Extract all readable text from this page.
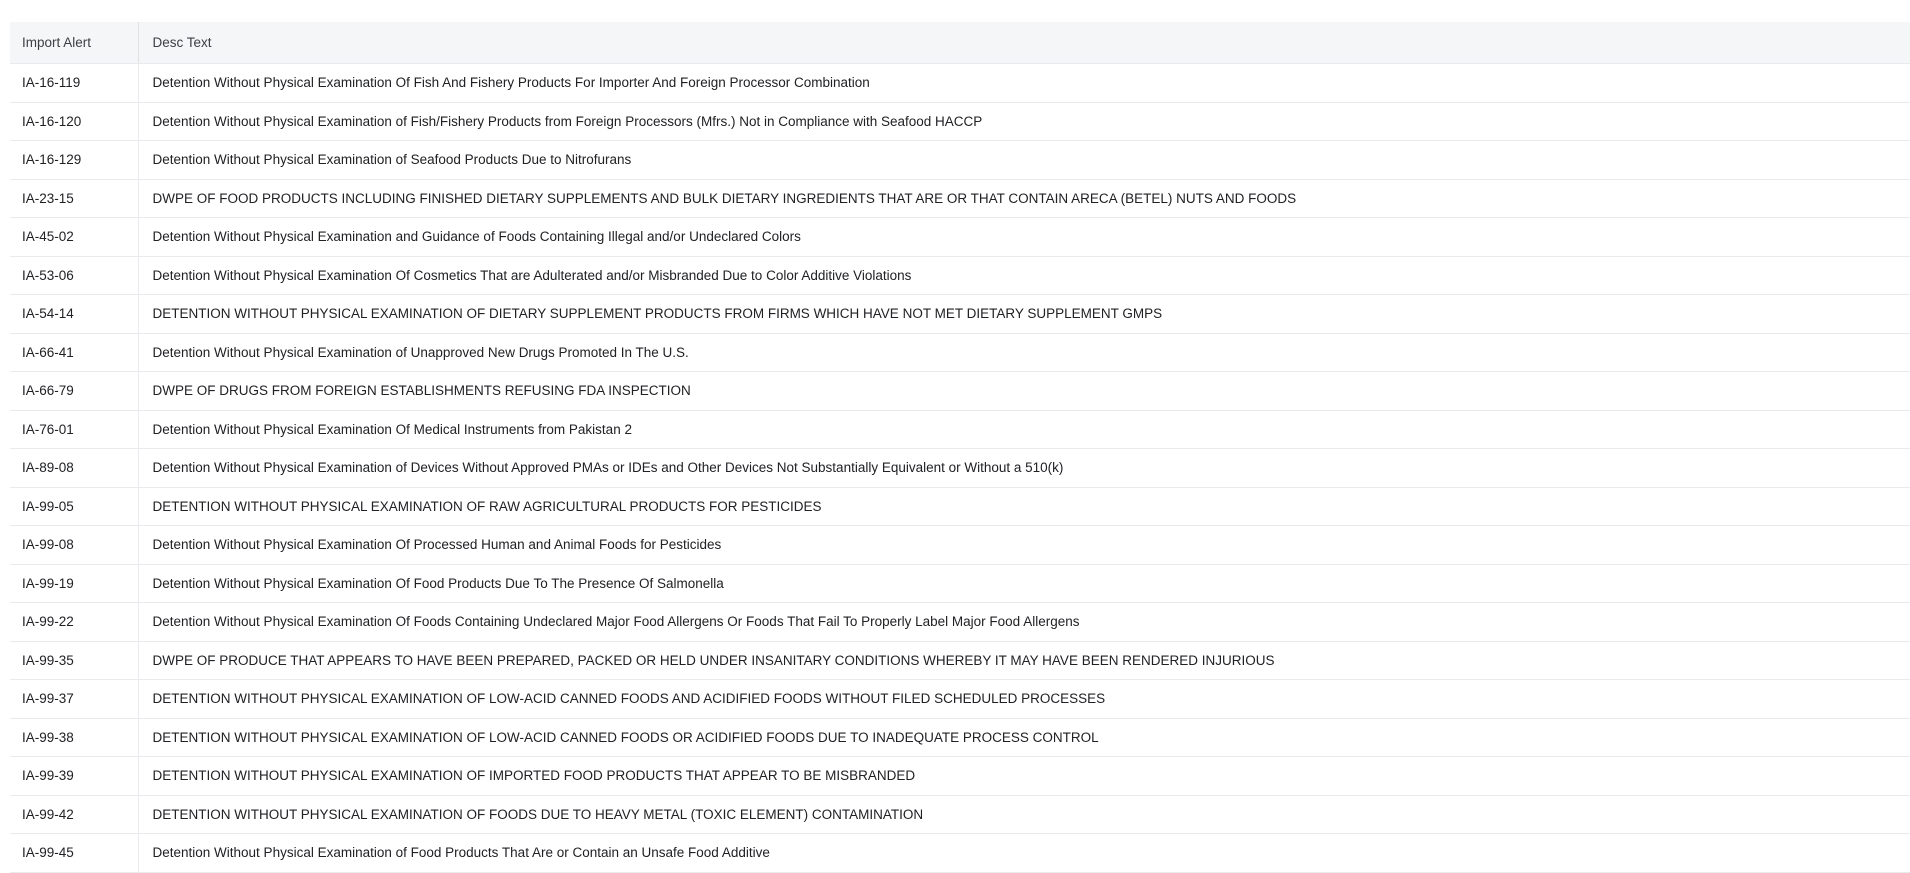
Import Alert	Desc Text
IA-16-119	Detention Without Physical Examination Of Fish And Fishery Products For Importer And Foreign Processor Combination
IA-16-120	Detention Without Physical Examination of Fish/Fishery Products from Foreign Processors (Mfrs.) Not in Compliance with Seafood HACCP
IA-16-129	Detention Without Physical Examination of Seafood Products Due to Nitrofurans
IA-23-15	DWPE OF FOOD PRODUCTS INCLUDING FINISHED DIETARY SUPPLEMENTS AND BULK DIETARY INGREDIENTS THAT ARE OR THAT CONTAIN ARECA (BETEL) NUTS AND FOODS
IA-45-02	Detention Without Physical Examination and Guidance of Foods Containing Illegal and/or Undeclared Colors
IA-53-06	Detention Without Physical Examination Of Cosmetics That are Adulterated and/or Misbranded Due to Color Additive Violations
IA-54-14	DETENTION WITHOUT PHYSICAL EXAMINATION OF DIETARY SUPPLEMENT PRODUCTS FROM FIRMS WHICH HAVE NOT MET DIETARY SUPPLEMENT GMPS
IA-66-41	Detention Without Physical Examination of Unapproved New Drugs Promoted In The U.S.
IA-66-79	DWPE OF DRUGS FROM FOREIGN ESTABLISHMENTS REFUSING FDA INSPECTION
IA-76-01	Detention Without Physical Examination Of Medical Instruments from Pakistan 2
IA-89-08	Detention Without Physical Examination of Devices Without Approved PMAs or IDEs and Other Devices Not Substantially Equivalent or Without a 510(k)
IA-99-05	DETENTION WITHOUT PHYSICAL EXAMINATION OF RAW AGRICULTURAL PRODUCTS FOR PESTICIDES
IA-99-08	Detention Without Physical Examination Of Processed Human and Animal Foods for Pesticides
IA-99-19	Detention Without Physical Examination Of Food Products Due To The Presence Of Salmonella
IA-99-22	Detention Without Physical Examination Of Foods Containing Undeclared Major Food Allergens Or Foods That Fail To Properly Label Major Food Allergens
IA-99-35	DWPE OF PRODUCE THAT APPEARS TO HAVE BEEN PREPARED, PACKED OR HELD UNDER INSANITARY CONDITIONS WHEREBY IT MAY HAVE BEEN RENDERED INJURIOUS
IA-99-37	DETENTION WITHOUT PHYSICAL EXAMINATION OF LOW-ACID CANNED FOODS AND ACIDIFIED FOODS WITHOUT FILED SCHEDULED PROCESSES
IA-99-38	DETENTION WITHOUT PHYSICAL EXAMINATION OF LOW-ACID CANNED FOODS OR ACIDIFIED FOODS DUE TO INADEQUATE PROCESS CONTROL
IA-99-39	DETENTION WITHOUT PHYSICAL EXAMINATION OF IMPORTED FOOD PRODUCTS THAT APPEAR TO BE MISBRANDED
IA-99-42	DETENTION WITHOUT PHYSICAL EXAMINATION OF FOODS DUE TO HEAVY METAL (TOXIC ELEMENT) CONTAMINATION
IA-99-45	Detention Without Physical Examination of Food Products That Are or Contain an Unsafe Food Additive
